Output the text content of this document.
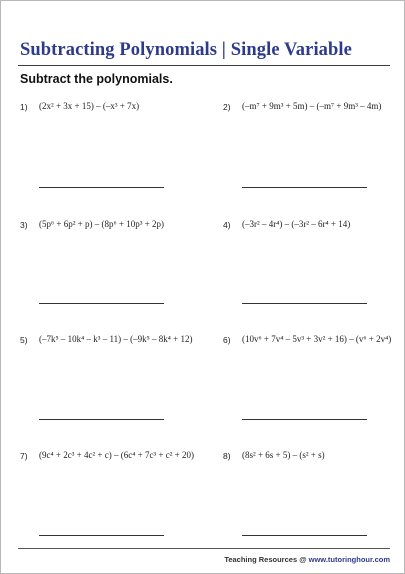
Subtracting Polynomials | Single Variable
Subtract the polynomials.
1) (2x² + 3x + 15) – (–x³ + 7x)	2) (–m⁷ + 9m³ + 5m) – (–m⁷ + 9m³ – 4m)
3) (5p⁶ + 6p² + p) – (8p⁶ + 10p³ + 2p)	4) (–3r² – 4r⁴) – (–3r² – 6r⁴ + 14)
5) (–7k⁵ – 10k⁴ – k³ – 11) – (–9k⁵ – 8k⁴ + 12)	6) (10v⁶ + 7v⁴ – 5v³ + 3v² + 16) – (v⁶ + 2v⁴)
7) (9c⁴ + 2c³ + 4c² + c) – (6c⁴ + 7c³ + c² + 20)	8) (8s² + 6s + 5) – (s² + s)
Teaching Resources @ www.tutoringhour.com
